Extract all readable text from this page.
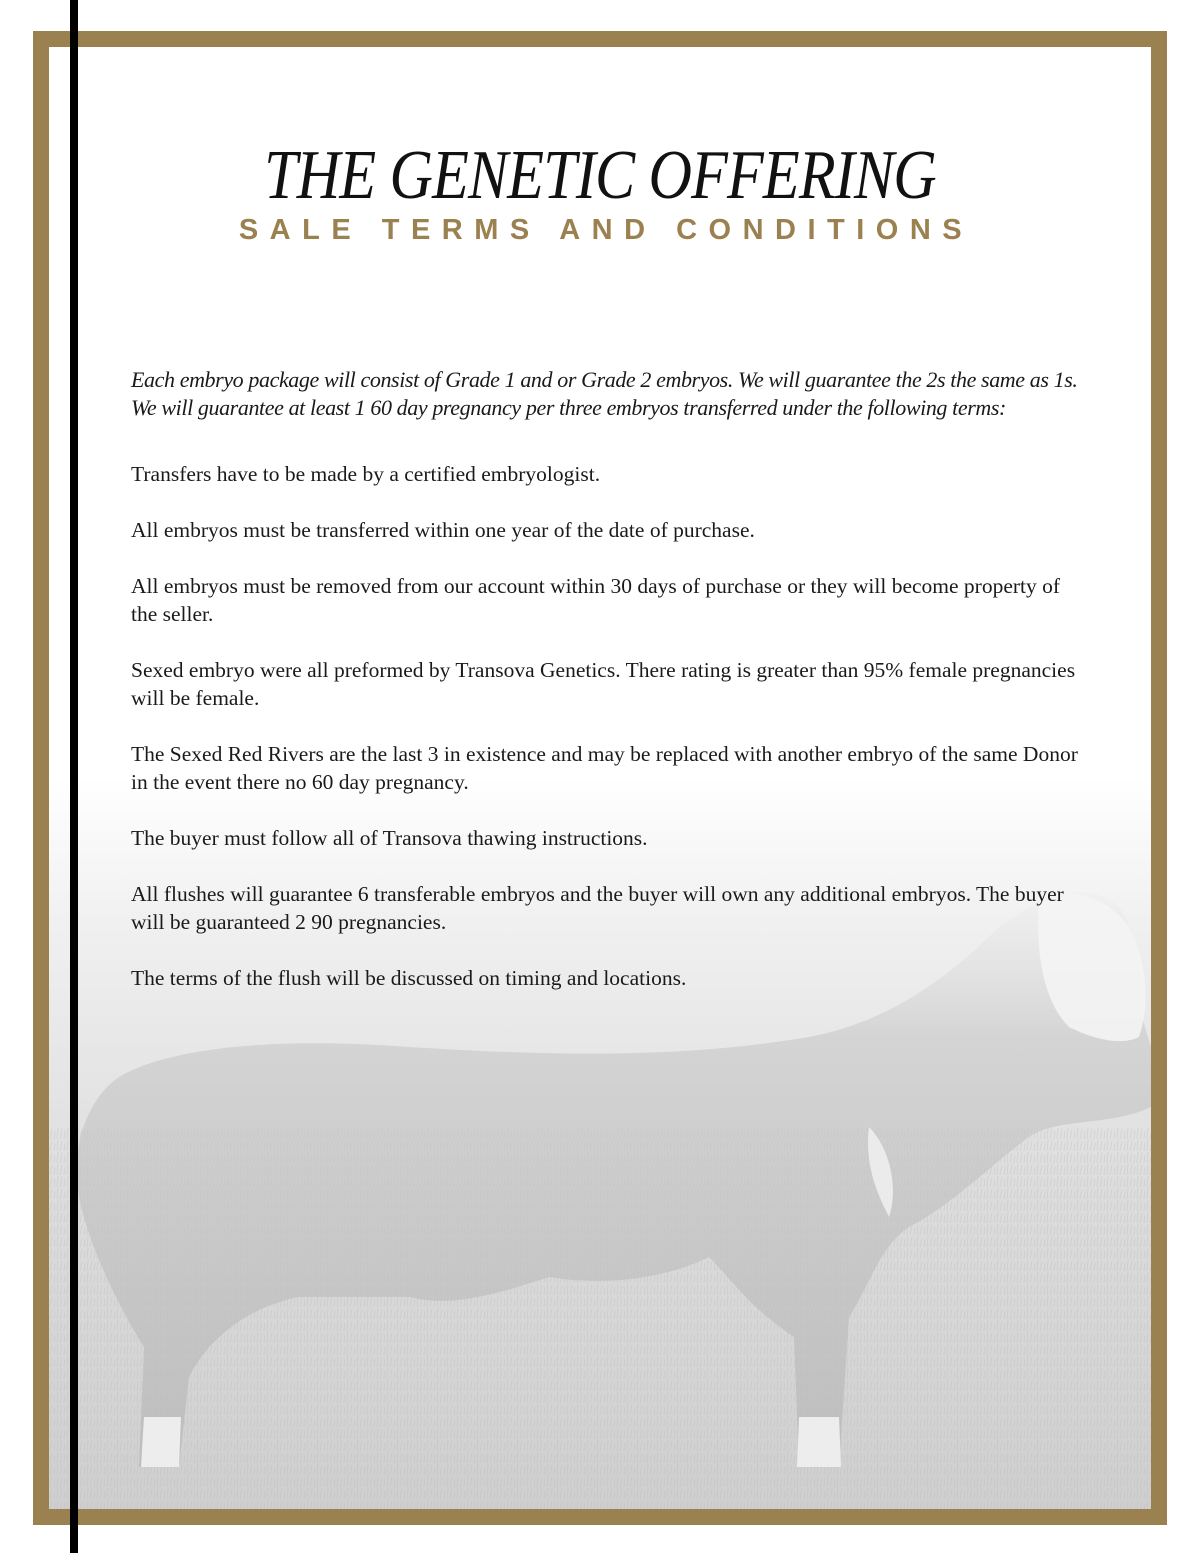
THE GENETIC OFFERING
SALE TERMS AND CONDITIONS

Each embryo package will consist of Grade 1 and or Grade 2 embryos. We will guarantee the 2s the same as 1s. We will guarantee at least 1 60 day pregnancy per three embryos transferred under the following terms:

Transfers have to be made by a certified embryologist.

All embryos must be transferred within one year of the date of purchase.

All embryos must be removed from our account within 30 days of purchase or they will become property of the seller.

Sexed embryo were all preformed by Transova Genetics. There rating is greater than 95% female pregnancies will be female.

The Sexed Red Rivers are the last 3 in existence and may be replaced with another embryo of the same Donor in the event there no 60 day pregnancy.

The buyer must follow all of Transova thawing instructions.

All flushes will guarantee 6 transferable embryos and the buyer will own any additional embryos. The buyer will be guaranteed 2 90 pregnancies.

The terms of the flush will be discussed on timing and locations.
